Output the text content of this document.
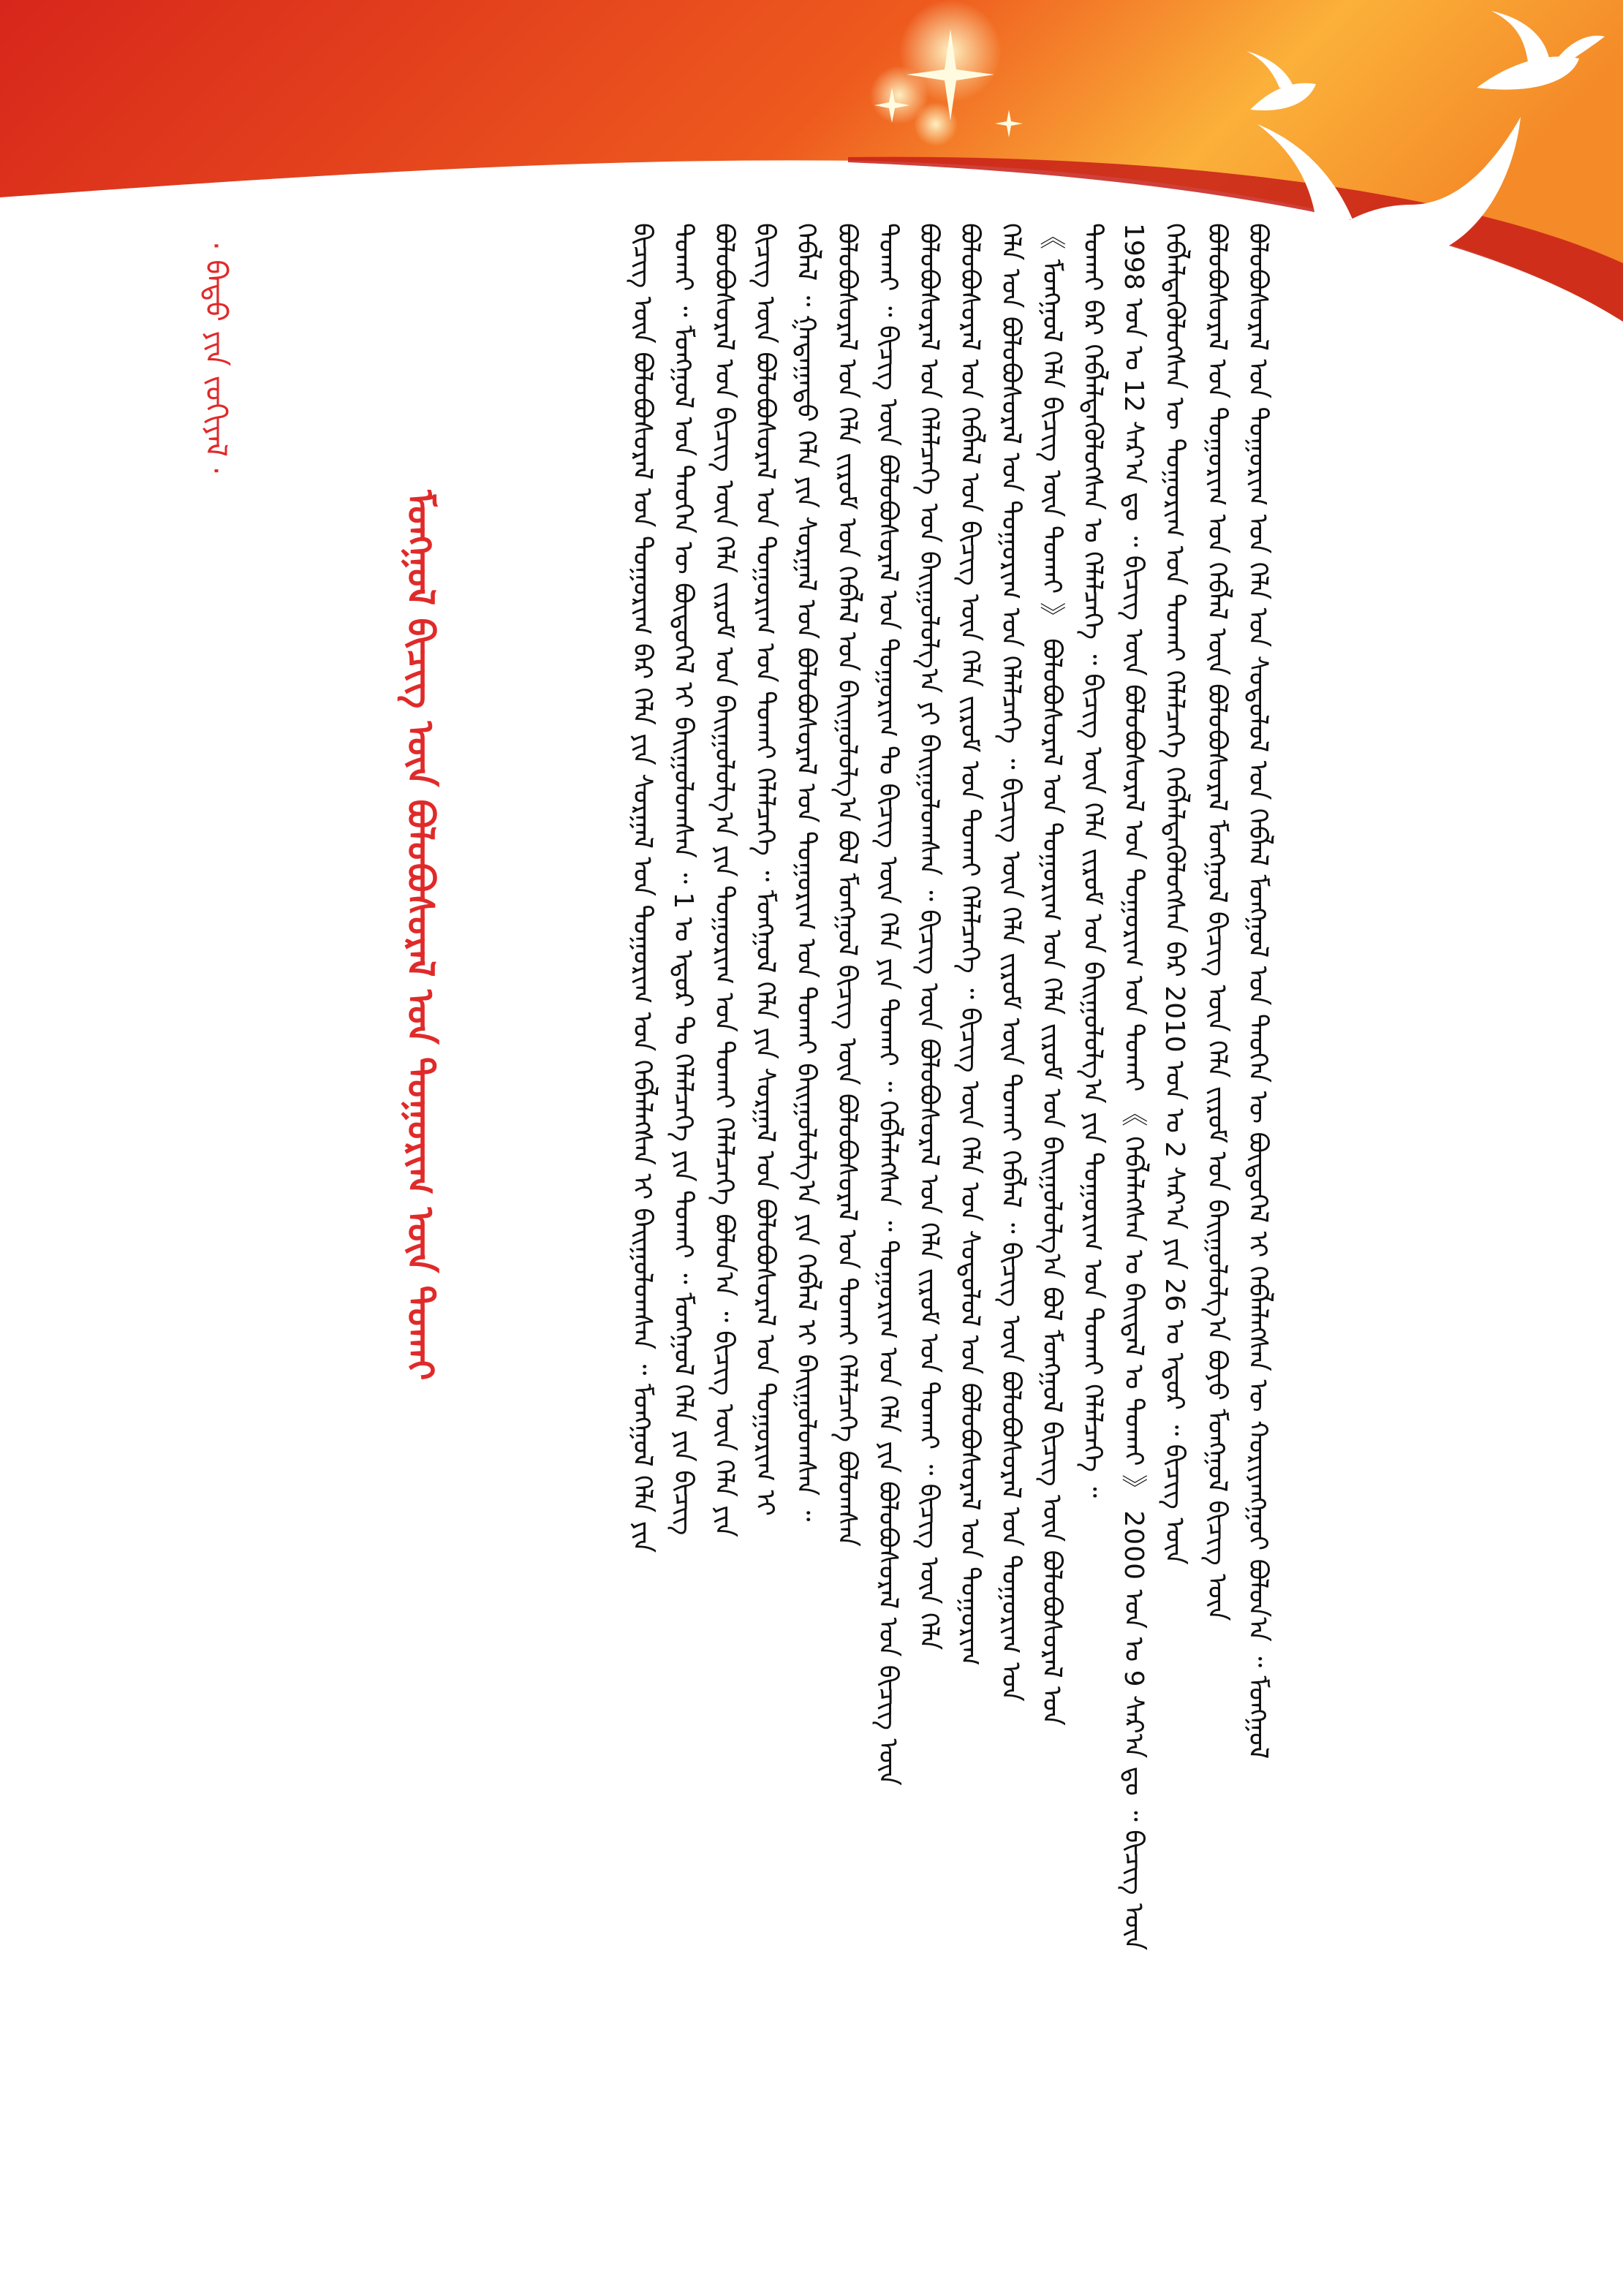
ᠪᠣᠯᠣᠪᠤᠰᠤᠷᠠᠯ ᠤᠨ ᠲᠣᠭᠣᠷᠢᠭ ᠤᠨ ᠬᠡᠪᠯᠡᠯ ᠦᠨ ᠪᠣᠯᠣᠪᠤᠰᠤᠷᠠᠯ ᠮᠣᠩᠭᠣᠯ ᠪᠢᠴᠢᠭ᠌ ᠦᠨ ᠬᠡᠯᠡ ᠵᠢᠷᠤᠮ ᠤᠨ ᠪᠠᠢᠭᠤᠯᠤᠯᠭ᠎ᠠ ᠪᠤᠶᠤ ᠮᠣᠩᠭᠣᠯ ᠪᠢᠴᠢᠭ᠌ ᠦᠨ ᠪᠣᠯᠣᠪᠤᠰᠤᠷᠠᠯ ᠤᠨ ᠲᠣᠭᠣᠷᠢᠭ ᠤᠨ ᠬᠡᠯᠡ ᠤᠨ ᠰᠤᠳᠤᠯᠤᠯ ᠤᠨ ᠬᠡᠪᠯᠡᠯ ᠮᠣᠩᠭᠣᠯ ᠤᠨ ᠲᠡᠦᠬᠡᠨ ᠦ ᠪᠦᠲᠦᠭᠡᠯ ᠢ ᠬᠡᠪᠯᠡᠯᠡᠭᠰᠡᠨ ᠦ ᠬᠤᠷᠢᠶᠠᠩᠭᠤᠢ ᠪᠣᠯᠤᠨ᠎ᠠ ᠃ ᠮᠣᠩᠭᠣᠯ
ᠬᠡᠪᠯᠡᠯᠳᠡᠭᠦᠯᠦᠭᠰᠡᠨ ᠦ ᠲᠣᠭᠣᠷᠢᠭ ᠤᠨ ᠲᠤᠬᠠᠢ ᠬᠡᠯᠡᠯᠴᠡᠭᠡ ᠬᠡᠪᠯᠡᠯᠳᠡᠭᠦᠯᠦᠭᠰᠡᠨ ᠪᠠᠷ 2010 ᠣᠨ ᠤ 2 ᠰᠠᠷ᠎ᠠ ᠶᠢᠨ 26 ᠤ ᠡᠳᠦᠷ ᠃ ᠪᠢᠴᠢᠭ᠌ ᠦᠨ
1998 ᠣᠨ ᠤ 12 ᠰᠠᠷ᠎ᠠ ᠳᠤ ᠃ ᠪᠢᠴᠢᠭ᠌ ᠦᠨ ᠪᠣᠯᠣᠪᠤᠰᠤᠷᠠᠯ ᠤᠨ ᠲᠣᠭᠣᠷᠢᠭ ᠤᠨ ᠲᠤᠬᠠᠢ 《 ᠬᠡᠪᠯᠡᠯᠡᠭᠰᠡᠨ ᠤ ᠪᠠᠢᠳᠠᠯ ᠤ ᠲᠤᠬᠠᠢ 》 2000 ᠣᠨ ᠤ 9 ᠰᠠᠷ᠎ᠠ ᠳᠤ ᠃ ᠪᠢᠴᠢᠭ᠌ ᠦᠨ
ᠲᠤᠬᠠᠢ ᠪᠠᠷ ᠬᠡᠪᠯᠡᠯᠳᠡᠭᠦᠯᠦᠭᠰᠡᠨ ᠤ ᠬᠡᠯᠡᠯᠴᠡᠭᠡ ᠃ ᠪᠢᠴᠢᠭ᠌ ᠦᠨ ᠬᠡᠯᠡ ᠵᠢᠷᠤᠮ ᠤᠨ ᠪᠠᠢᠭᠤᠯᠤᠯᠭ᠎ᠠ ᠶᠢᠨ ᠲᠣᠭᠣᠷᠢᠭ ᠤᠨ ᠲᠤᠬᠠᠢ ᠬᠡᠯᠡᠯᠴᠡᠭᠡ ᠃
《 ᠮᠣᠩᠭᠣᠯ ᠬᠡᠯᠡ ᠪᠢᠴᠢᠭ᠌ ᠦᠨ ᠲᠤᠬᠠᠢ 》 ᠪᠣᠯᠣᠪᠤᠰᠤᠷᠠᠯ ᠤᠨ ᠲᠣᠭᠣᠷᠢᠭ ᠤᠨ ᠬᠡᠯᠡ ᠵᠢᠷᠤᠮ ᠤᠨ ᠪᠠᠢᠭᠤᠯᠤᠯᠭ᠎ᠠ ᠪᠣᠯ ᠮᠣᠩᠭᠣᠯ ᠪᠢᠴᠢᠭ᠌ ᠦᠨ ᠪᠣᠯᠣᠪᠤᠰᠤᠷᠠᠯ ᠤᠨ
ᠬᠡᠯᠡ ᠤᠨ ᠪᠣᠯᠣᠪᠤᠰᠤᠷᠠᠯ ᠤᠨ ᠲᠣᠭᠣᠷᠢᠭ ᠤᠨ ᠬᠡᠯᠡᠯᠴᠡᠭᠡ ᠃ ᠪᠢᠴᠢᠭ᠌ ᠦᠨ ᠬᠡᠯᠡ ᠵᠢᠷᠤᠮ ᠦᠨ ᠲᠤᠬᠠᠢ ᠬᠡᠪᠯᠡᠯ ᠃ ᠪᠢᠴᠢᠭ᠌ ᠦᠨ ᠪᠣᠯᠣᠪᠤᠰᠤᠷᠠᠯ ᠤᠨ ᠲᠣᠭᠣᠷᠢᠭ ᠤᠨ
ᠪᠣᠯᠣᠪᠤᠰᠤᠷᠠᠯ ᠤᠨ ᠬᠡᠪᠯᠡᠯ ᠤᠨ ᠪᠢᠴᠢᠭ᠌ ᠦᠨ ᠬᠡᠯᠡ ᠵᠢᠷᠤᠮ ᠤᠨ ᠲᠤᠬᠠᠢ ᠬᠡᠯᠡᠯᠴᠡᠭᠡ ᠃ ᠪᠢᠴᠢᠭ᠌ ᠦᠨ ᠬᠡᠯᠡ ᠤᠨ ᠰᠤᠳᠤᠯᠤᠯ ᠤᠨ ᠪᠣᠯᠣᠪᠤᠰᠤᠷᠠᠯ ᠤᠨ ᠲᠣᠭᠣᠷᠢᠭ
ᠪᠣᠯᠣᠪᠤᠰᠤᠷᠠᠯ ᠤᠨ ᠬᠡᠯᠡᠯᠴᠡᠭᠡ ᠤᠨ ᠪᠠᠢᠭᠤᠯᠤᠯᠭ᠎ᠠ ᠶᠢ ᠪᠠᠢᠭᠤᠯᠤᠭᠰᠠᠨ ᠃ ᠪᠢᠴᠢᠭ᠌ ᠦᠨ ᠪᠣᠯᠣᠪᠤᠰᠤᠷᠠᠯ ᠤᠨ ᠬᠡᠯᠡ ᠵᠢᠷᠤᠮ ᠤᠨ ᠲᠤᠬᠠᠢ ᠃ ᠪᠢᠴᠢᠭ᠌ ᠦᠨ ᠬᠡᠯᠡ
ᠲᠤᠬᠠᠢ ᠃ ᠪᠢᠴᠢᠭ᠌ ᠦᠨ ᠪᠣᠯᠣᠪᠤᠰᠤᠷᠠᠯ ᠤᠨ ᠲᠣᠭᠣᠷᠢᠭ ᠲᠤ ᠪᠢᠴᠢᠭ᠌ ᠦᠨ ᠬᠡᠯᠡ ᠶᠢᠨ ᠲᠤᠬᠠᠢ ᠃ ᠬᠡᠪᠯᠡᠯᠡᠭᠰᠡᠨ ᠃ ᠲᠣᠭᠣᠷᠢᠭ ᠤᠨ ᠬᠡᠯᠡ ᠶᠢᠨ ᠪᠣᠯᠣᠪᠤᠰᠤᠷᠠᠯ ᠤᠨ ᠪᠢᠴᠢᠭ᠌ ᠦᠨ
ᠪᠣᠯᠣᠪᠤᠰᠤᠷᠠᠯ ᠤᠨ ᠬᠡᠯᠡ ᠵᠢᠷᠤᠮ ᠤᠨ ᠬᠡᠪᠯᠡᠯ ᠤᠨ ᠪᠠᠢᠭᠤᠯᠤᠯᠭ᠎ᠠ ᠪᠣᠯ ᠮᠣᠩᠭᠣᠯ ᠪᠢᠴᠢᠭ᠌ ᠦᠨ ᠪᠣᠯᠣᠪᠤᠰᠤᠷᠠᠯ ᠤᠨ ᠲᠤᠬᠠᠢ ᠬᠡᠯᠡᠯᠴᠡᠭᠡ ᠪᠣᠯᠤᠭᠰᠠᠨ
ᠬᠡᠪᠯᠡᠯ ᠃ ᠭᠠᠳᠠᠭᠠᠳᠤ ᠬᠡᠯᠡ ᠶᠢᠨ ᠰᠤᠷᠭᠠᠯ ᠤᠨ ᠪᠣᠯᠣᠪᠤᠰᠤᠷᠠᠯ ᠤᠨ ᠲᠣᠭᠣᠷᠢᠭ ᠤᠨ ᠲᠤᠬᠠᠢ ᠪᠠᠢᠭᠤᠯᠤᠯᠭ᠎ᠠ ᠶᠢᠨ ᠬᠡᠪᠯᠡᠯ ᠢ ᠪᠠᠢᠭᠤᠯᠤᠭᠰᠠᠨ ᠃
ᠪᠢᠴᠢᠭ᠌ ᠦᠨ ᠪᠣᠯᠣᠪᠤᠰᠤᠷᠠᠯ ᠤᠨ ᠲᠣᠭᠣᠷᠢᠭ ᠤᠨ ᠲᠤᠬᠠᠢ ᠬᠡᠯᠡᠯᠴᠡᠭᠡ ᠃ ᠮᠣᠩᠭᠣᠯ ᠬᠡᠯᠡ ᠶᠢᠨ ᠰᠤᠷᠭᠠᠯ ᠤᠨ ᠪᠣᠯᠣᠪᠤᠰᠤᠷᠠᠯ ᠤᠨ ᠲᠣᠭᠣᠷᠢᠭ ᠢ
ᠪᠣᠯᠣᠪᠤᠰᠤᠷᠠᠯ ᠤᠨ ᠪᠢᠴᠢᠭ᠌ ᠦᠨ ᠬᠡᠯᠡ ᠵᠢᠷᠤᠮ ᠤᠨ ᠪᠠᠢᠭᠤᠯᠤᠯᠭ᠎ᠠ ᠶᠢᠨ ᠲᠣᠭᠣᠷᠢᠭ ᠤᠨ ᠲᠤᠬᠠᠢ ᠬᠡᠯᠡᠯᠴᠡᠭᠡ ᠪᠣᠯᠤᠨ᠎ᠠ ᠃ ᠪᠢᠴᠢᠭ᠌ ᠦᠨ ᠬᠡᠯᠡ ᠶᠢᠨ
ᠲᠤᠬᠠᠢ ᠃ ᠮᠣᠩᠭᠣᠯ ᠤᠨ ᠲᠡᠦᠬᠡᠨ ᠦ ᠪᠦᠲᠦᠭᠡᠯ ᠢ ᠪᠠᠢᠭᠤᠯᠤᠭᠰᠠᠨ ᠃ 1 ᠤ ᠡᠳᠦᠷ ᠲᠤ ᠬᠡᠯᠡᠯᠴᠡᠭᠡ ᠶᠢᠨ ᠲᠤᠬᠠᠢ ᠃ ᠮᠣᠩᠭᠣᠯ ᠬᠡᠯᠡ ᠶᠢᠨ ᠪᠢᠴᠢᠭ᠌
ᠪᠢᠴᠢᠭ᠌ ᠦᠨ ᠪᠣᠯᠣᠪᠤᠰᠤᠷᠠᠯ ᠤᠨ ᠲᠣᠭᠣᠷᠢᠭ ᠪᠠᠷ ᠬᠡᠯᠡ ᠶᠢᠨ ᠰᠤᠷᠭᠠᠯ ᠤᠨ ᠲᠣᠭᠣᠷᠢᠭ ᠤᠨ ᠬᠡᠪᠯᠡᠯᠡᠭᠰᠡᠨ ᠢ ᠪᠠᠢᠭᠤᠯᠤᠭᠰᠠᠨ ᠃ ᠮᠣᠩᠭᠣᠯ ᠬᠡᠯᠡ ᠶᠢᠨ
ᠮᠣᠩᠭᠣᠯ ᠪᠢᠴᠢᠭ᠌ ᠦᠨ ᠪᠣᠯᠣᠪᠤᠰᠤᠷᠠᠯ ᠤᠨ ᠲᠣᠭᠣᠷᠢᠭ ᠦᠨ ᠲᠤᠬᠠᠢ
· ᠪᠠᠲᠤ ᠶᠢᠨ ᠵᠣᠬᠢᠶᠠᠯ ·
